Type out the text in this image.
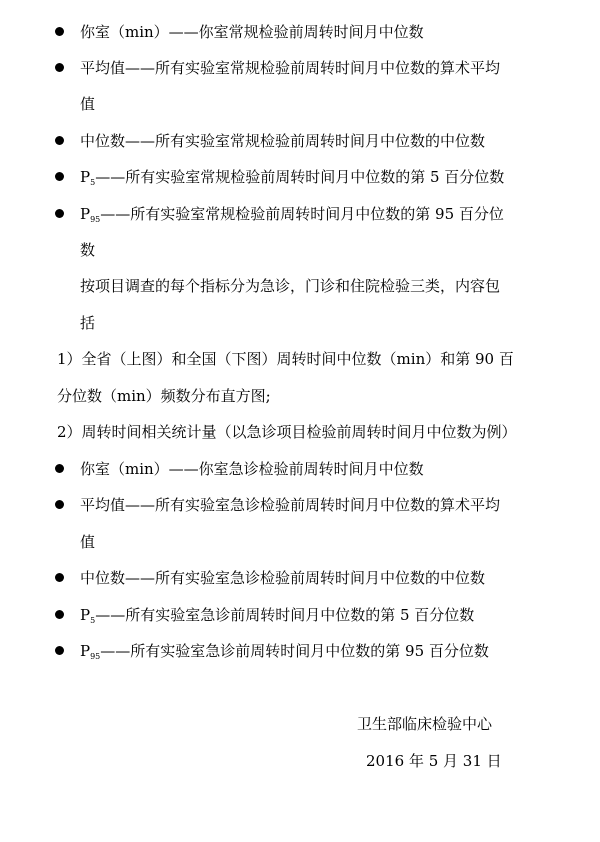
你室（min）——你室常规检验前周转时间月中位数
平均值——所有实验室常规检验前周转时间月中位数的算术平均
值
中位数——所有实验室常规检验前周转时间月中位数的中位数
$P_5——$所有实验室常规检验前周转时间月中位数的第 5 百分位数
$P_{95}——$所有实验室常规检验前周转时间月中位数的第 95 百分位
数
按项目调查的每个指标分为急诊，门诊和住院检验三类，内容包
括
1）全省（上图）和全国（下图）周转时间中位数（min）和第 90 百
分位数（min）频数分布直方图;
2）周转时间相关统计量（以急诊项目检验前周转时间月中位数为例）
你室（min）——你室急诊检验前周转时间月中位数
平均值——所有实验室急诊检验前周转时间月中位数的算术平均
值
中位数——所有实验室急诊检验前周转时间月中位数的中位数
$P_5——$所有实验室急诊前周转时间月中位数的第 5 百分位数
$P_{95}——$所有实验室急诊前周转时间月中位数的第 95 百分位数
卫生部临床检验中心
2016 年 5 月 31 日
